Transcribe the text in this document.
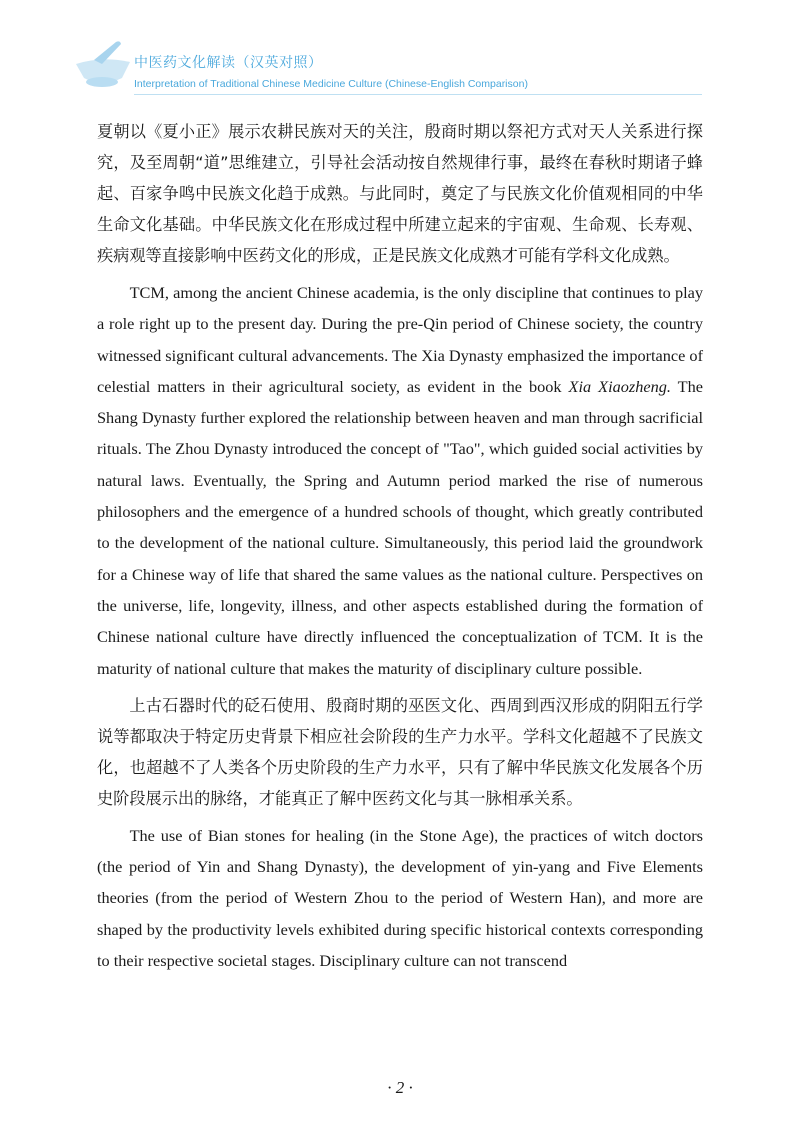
中医药文化解读（汉英对照）
Interpretation of Traditional Chinese Medicine Culture (Chinese-English Comparison)

夏朝以《夏小正》展示农耕民族对天的关注，殷商时期以祭祀方式对天人关系进行探究，及至周朝“道”思维建立，引导社会活动按自然规律行事，最终在春秋时期诸子蜂起、百家争鸣中民族文化趋于成熟。与此同时，奠定了与民族文化价值观相同的中华生命文化基础。中华民族文化在形成过程中所建立起来的宇宙观、生命观、长寿观、疾病观等直接影响中医药文化的形成，正是民族文化成熟才可能有学科文化成熟。

TCM, among the ancient Chinese academia, is the only discipline that continues to play a role right up to the present day. During the pre-Qin period of Chinese society, the country witnessed significant cultural advancements. The Xia Dynasty emphasized the importance of celestial matters in their agricultural society, as evident in the book Xia Xiaozheng. The Shang Dynasty further explored the relationship between heaven and man through sacrificial rituals. The Zhou Dynasty introduced the concept of "Tao", which guided social activities by natural laws. Eventually, the Spring and Autumn period marked the rise of numerous philosophers and the emergence of a hundred schools of thought, which greatly contributed to the development of the national culture. Simultaneously, this period laid the groundwork for a Chinese way of life that shared the same values as the national culture. Perspectives on the universe, life, longevity, illness, and other aspects established during the formation of Chinese national culture have directly influenced the conceptualization of TCM. It is the maturity of national culture that makes the maturity of disciplinary culture possible.

上古石器时代的砭石使用、殷商时期的巫医文化、西周到西汉形成的阴阳五行学说等都取决于特定历史背景下相应社会阶段的生产力水平。学科文化超越不了民族文化，也超越不了人类各个历史阶段的生产力水平，只有了解中华民族文化发展各个历史阶段展示出的脉络，才能真正了解中医药文化与其一脉相承关系。

The use of Bian stones for healing (in the Stone Age), the practices of witch doctors (the period of Yin and Shang Dynasty), the development of yin-yang and Five Elements theories (from the period of Western Zhou to the period of Western Han), and more are shaped by the productivity levels exhibited during specific historical contexts corresponding to their respective societal stages. Disciplinary culture can not transcend

· 2 ·
